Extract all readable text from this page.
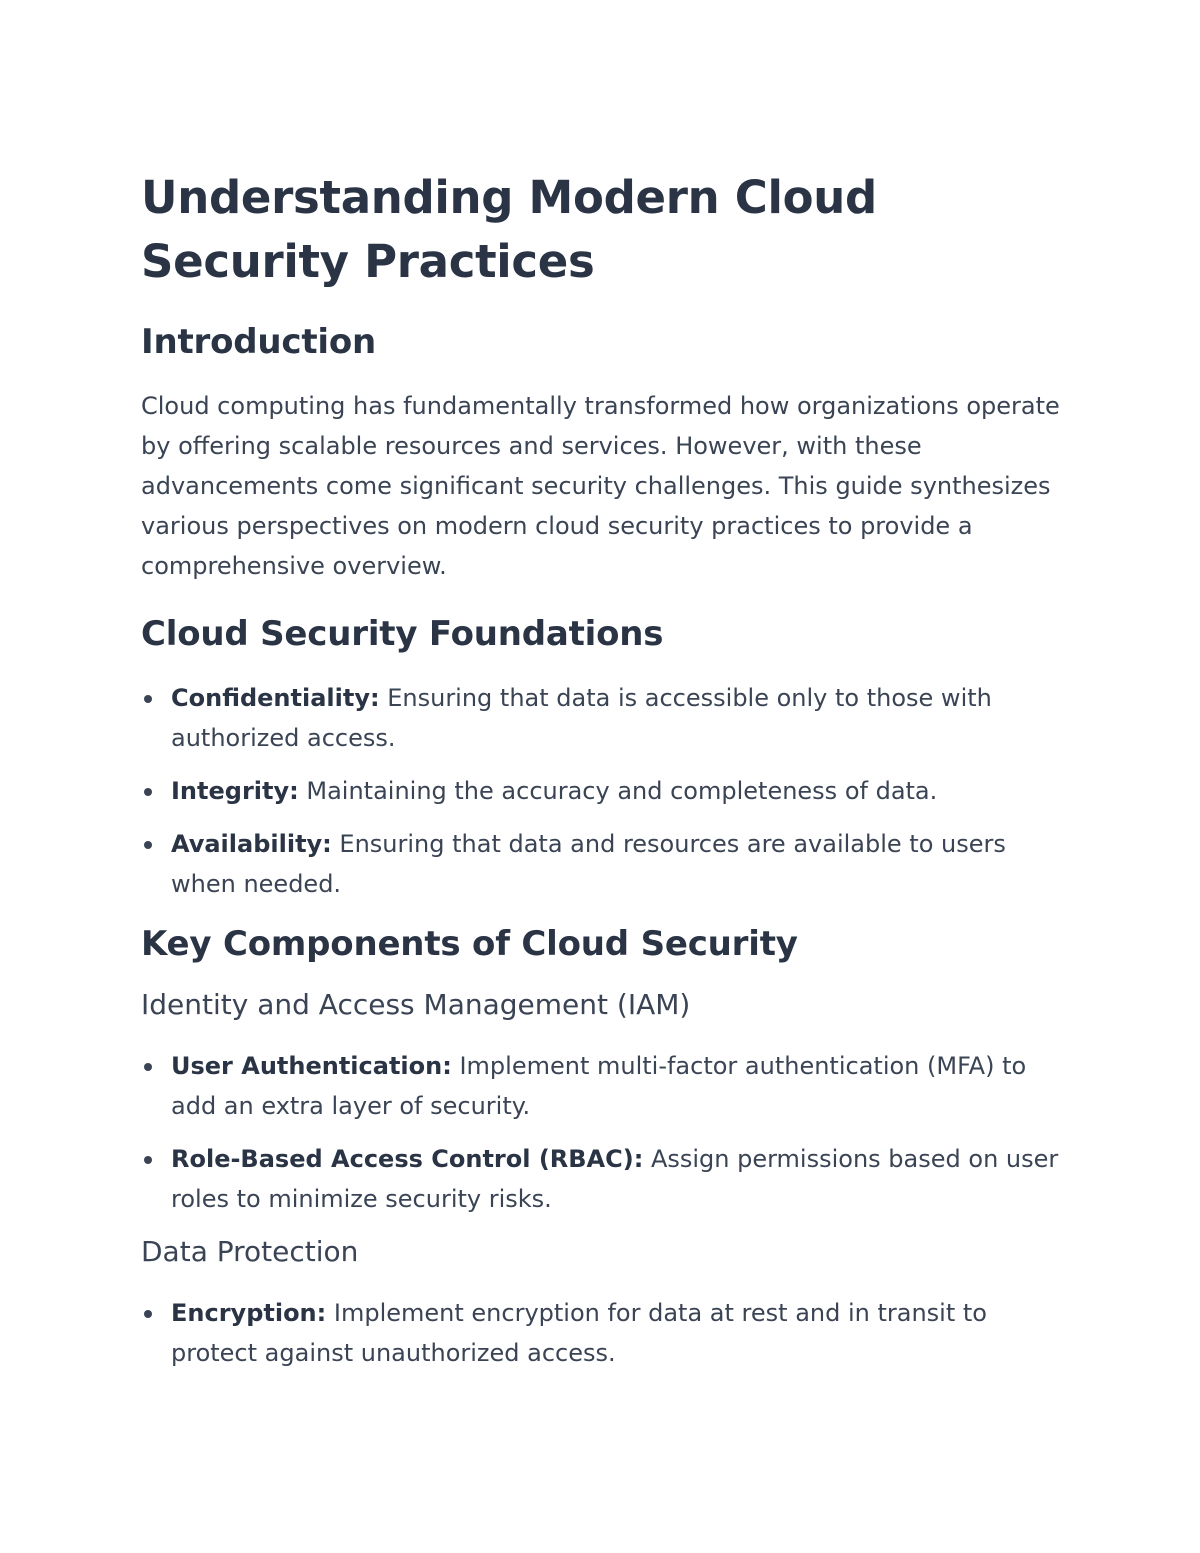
Understanding Modern Cloud Security Practices
Introduction

Cloud computing has fundamentally transformed how organizations operate by offering scalable resources and services. However, with these advancements come significant security challenges. This guide synthesizes various perspectives on modern cloud security practices to provide a comprehensive overview.

Cloud Security Foundations
Confidentiality: Ensuring that data is accessible only to those with authorized access.
Integrity: Maintaining the accuracy and completeness of data.
Availability: Ensuring that data and resources are available to users when needed.
Key Components of Cloud Security
Identity and Access Management (IAM)
User Authentication: Implement multi-factor authentication (MFA) to add an extra layer of security.
Role-Based Access Control (RBAC): Assign permissions based on user roles to minimize security risks.
Data Protection
Encryption: Implement encryption for data at rest and in transit to protect against unauthorized access.
